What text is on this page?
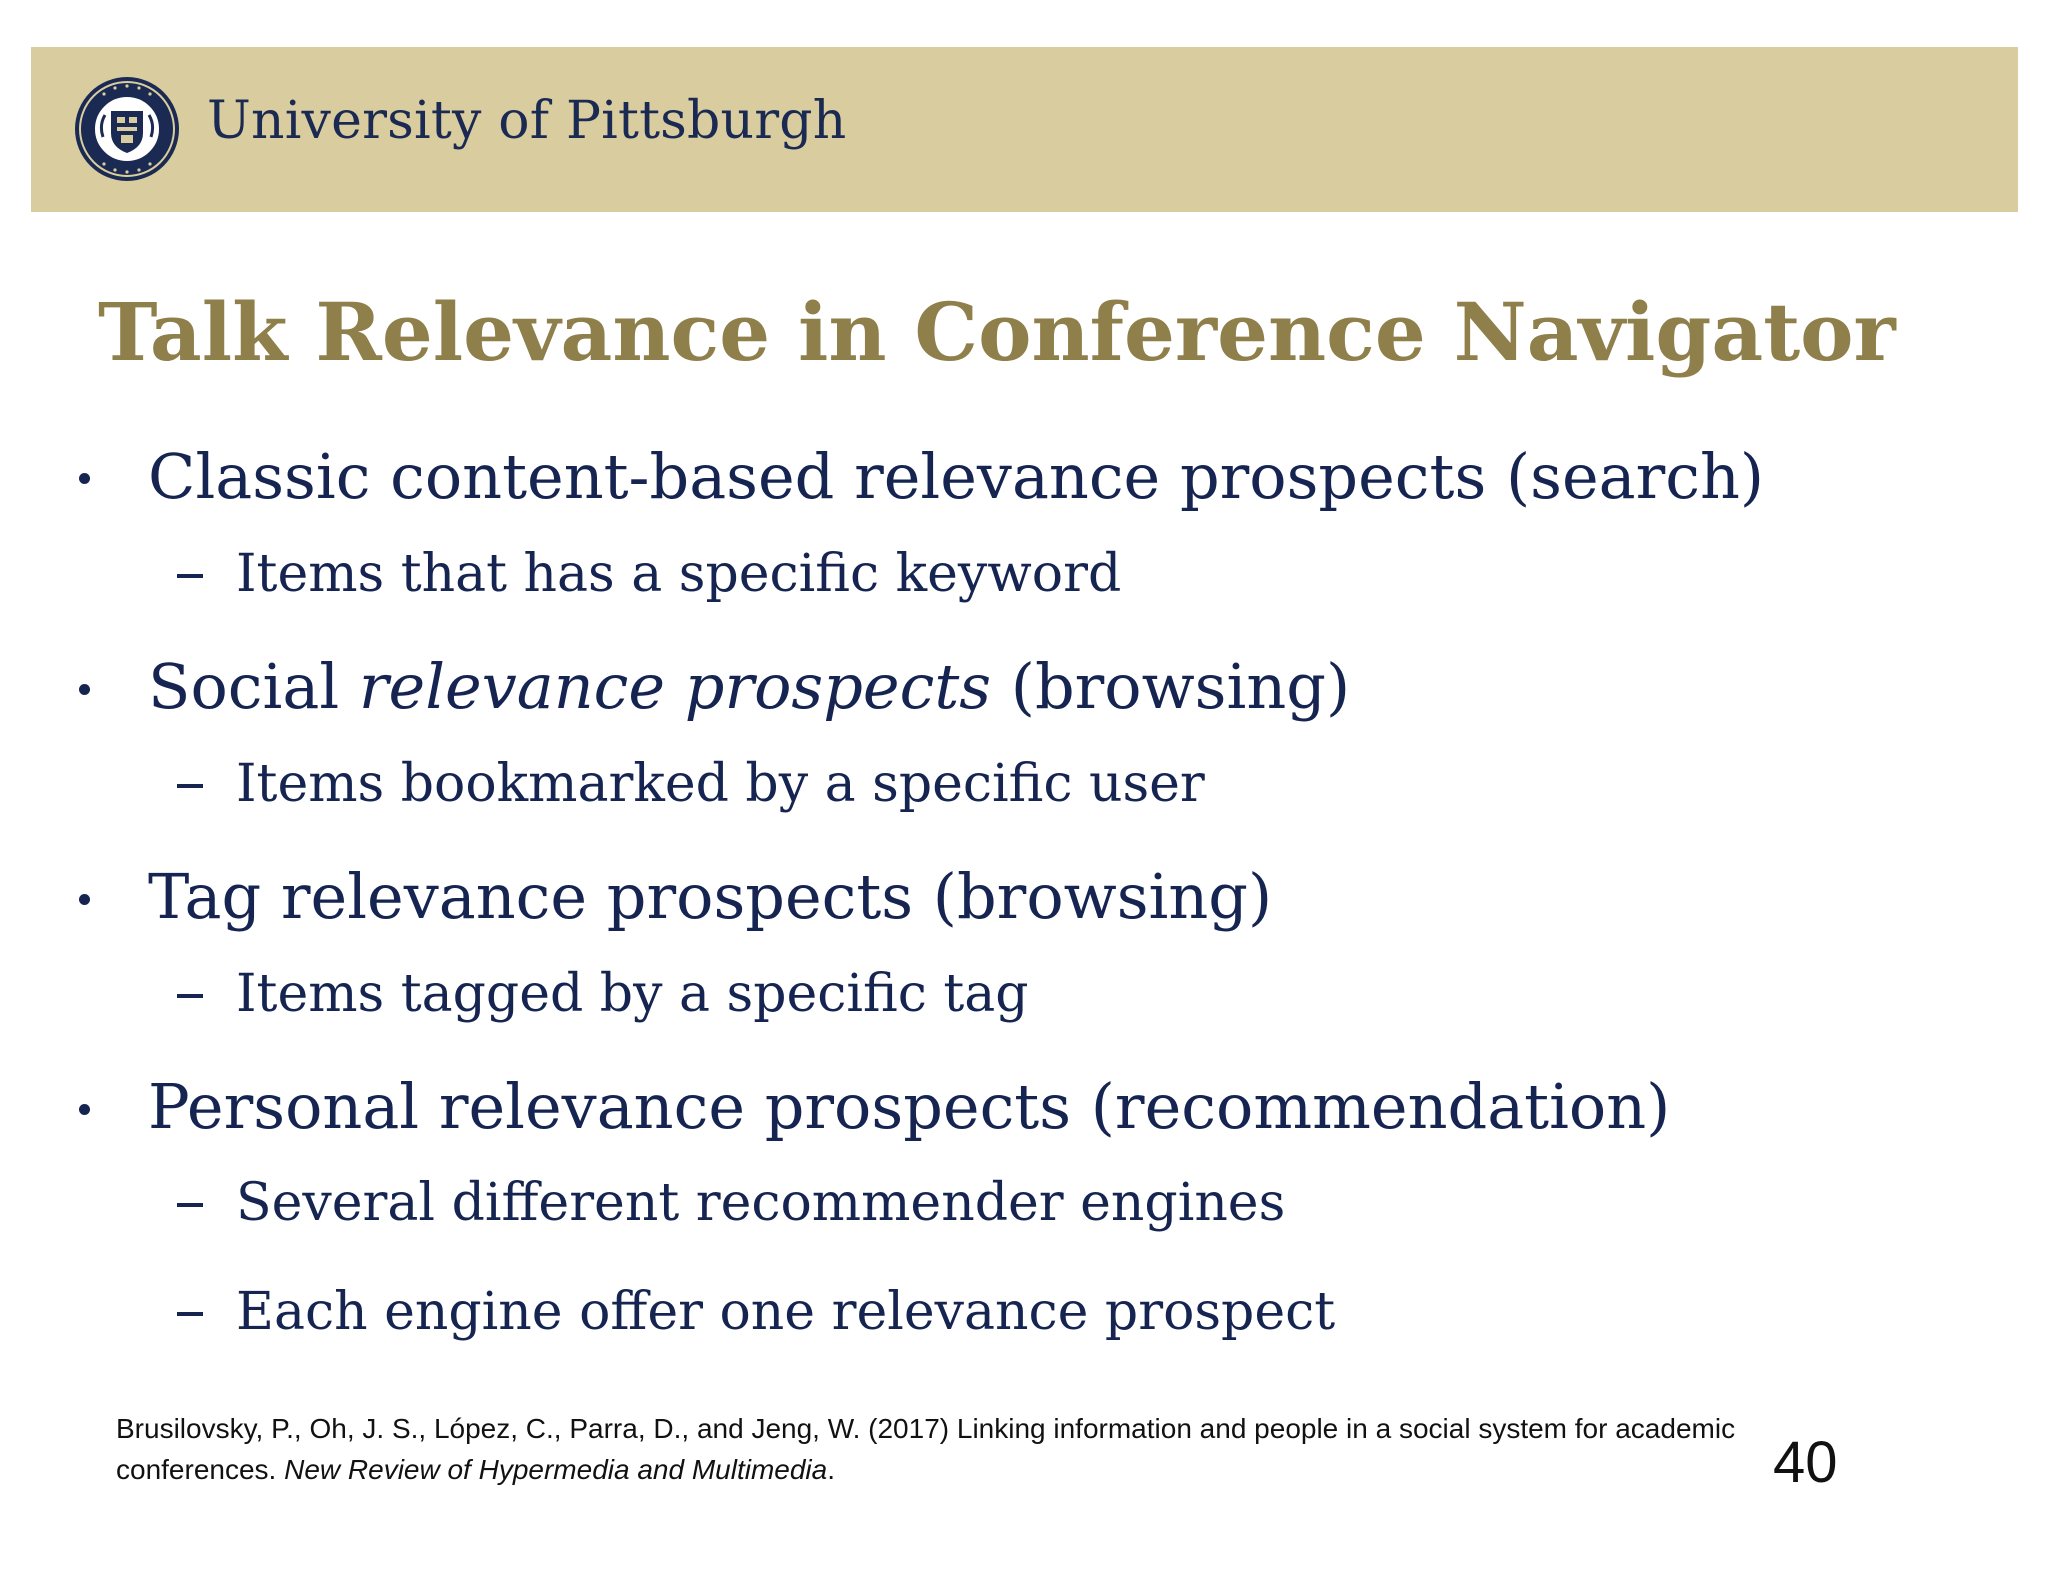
University of Pittsburgh
Talk Relevance in Conference Navigator
Classic content-based relevance prospects (search)
Items that has a specific keyword
Social relevance prospects (browsing)
Items bookmarked by a specific user
Tag relevance prospects (browsing)
Items tagged by a specific tag
Personal relevance prospects (recommendation)
Several different recommender engines
Each engine offer one relevance prospect
Brusilovsky, P., Oh, J. S., López, C., Parra, D., and Jeng, W. (2017) Linking information and people in a social system for academic conferences. New Review of Hypermedia and Multimedia.	40
